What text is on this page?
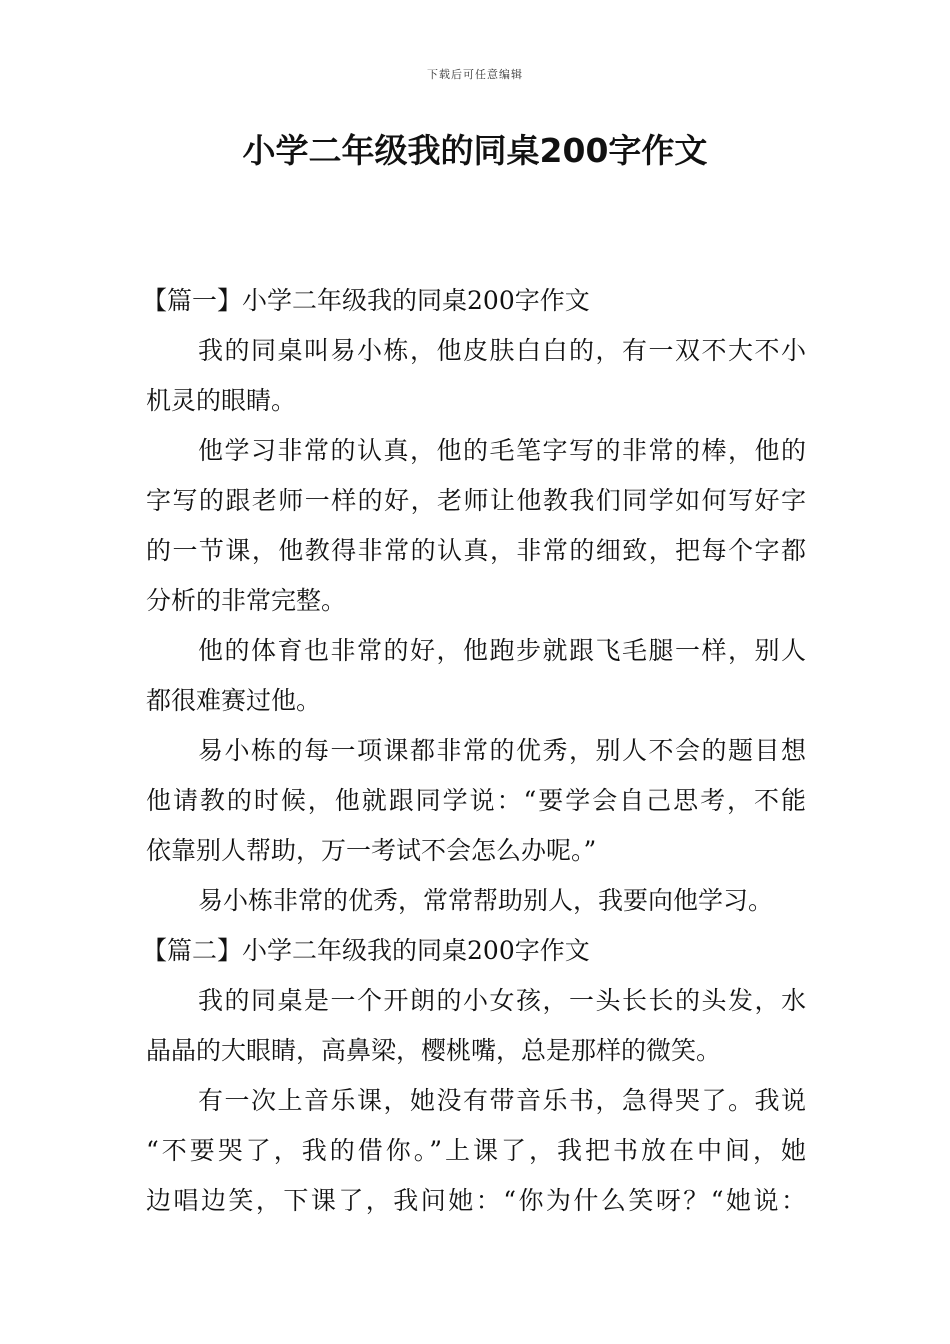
下载后可任意编辑
小学二年级我的同桌200字作文
【篇一】小学二年级我的同桌200字作文
我的同桌叫易小栋，他皮肤白白的，有一双不大不小
机灵的眼睛。
他学习非常的认真，他的毛笔字写的非常的棒，他的
字写的跟老师一样的好，老师让他教我们同学如何写好字
的一节课，他教得非常的认真，非常的细致，把每个字都
分析的非常完整。
他的体育也非常的好，他跑步就跟飞毛腿一样，别人
都很难赛过他。
易小栋的每一项课都非常的优秀，别人不会的题目想
他请教的时候，他就跟同学说：“要学会自己思考，不能
依靠别人帮助，万一考试不会怎么办呢。”
易小栋非常的优秀，常常帮助别人，我要向他学习。
【篇二】小学二年级我的同桌200字作文
我的同桌是一个开朗的小女孩，一头长长的头发，水
晶晶的大眼睛，高鼻梁，樱桃嘴，总是那样的微笑。
有一次上音乐课，她没有带音乐书，急得哭了。我说
“不要哭了，我的借你。”上课了，我把书放在中间，她
边唱边笑，下课了，我问她：“你为什么笑呀？“她说：
